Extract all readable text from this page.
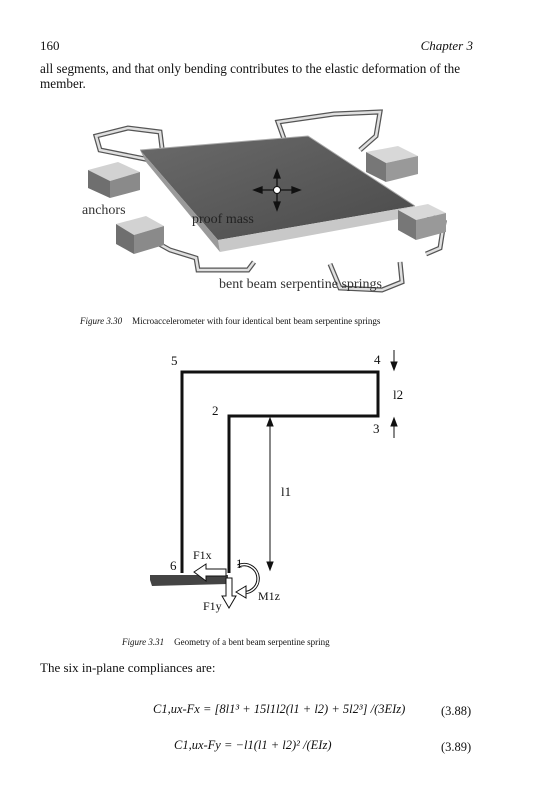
160	Chapter 3
all segments, and that only bending contributes to the elastic deformation of the member.
anchors
proof mass
bent beam serpentine springs
Figure 3.30 Microaccelerometer with four identical bent beam serpentine springs
5	4
2
3
6	1
l2
l1
F1x
F1y
M1z
Figure 3.31 Geometry of a bent beam serpentine spring
The six in-plane compliances are:
C1,ux-Fx = [8l1³ + 15l1l2(l1 + l2) + 5l2³] /(3EIz)	(3.88)
C1,ux-Fy = −l1(l1 + l2)² /(EIz)	(3.89)
